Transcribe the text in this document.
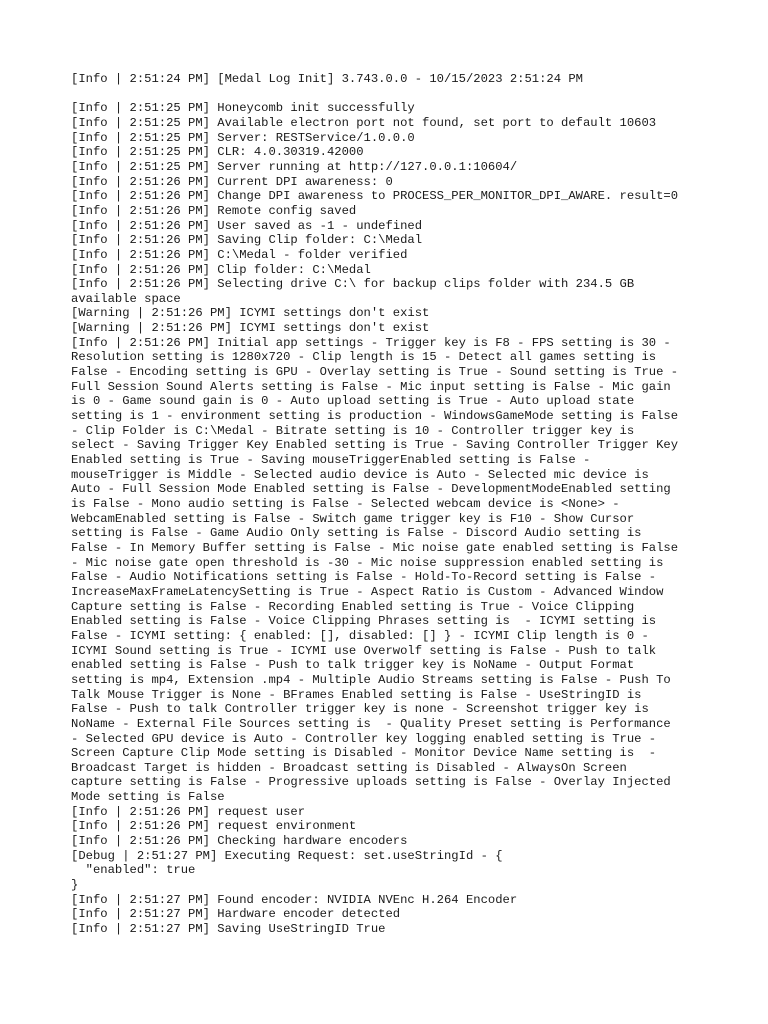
[Info | 2:51:24 PM] [Medal Log Init] 3.743.0.0 - 10/15/2023 2:51:24 PM
[Info | 2:51:25 PM] Honeycomb init successfully
[Info | 2:51:25 PM] Available electron port not found, set port to default 10603
[Info | 2:51:25 PM] Server: RESTService/1.0.0.0
[Info | 2:51:25 PM] CLR: 4.0.30319.42000
[Info | 2:51:25 PM] Server running at http://127.0.0.1:10604/
[Info | 2:51:26 PM] Current DPI awareness: 0
[Info | 2:51:26 PM] Change DPI awareness to PROCESS_PER_MONITOR_DPI_AWARE. result=0
[Info | 2:51:26 PM] Remote config saved
[Info | 2:51:26 PM] User saved as -1 - undefined
[Info | 2:51:26 PM] Saving Clip folder: C:\Medal
[Info | 2:51:26 PM] C:\Medal - folder verified
[Info | 2:51:26 PM] Clip folder: C:\Medal
[Info | 2:51:26 PM] Selecting drive C:\ for backup clips folder with 234.5 GB
available space
[Warning | 2:51:26 PM] ICYMI settings don't exist
[Warning | 2:51:26 PM] ICYMI settings don't exist
[Info | 2:51:26 PM] Initial app settings - Trigger key is F8 - FPS setting is 30 -
Resolution setting is 1280x720 - Clip length is 15 - Detect all games setting is
False - Encoding setting is GPU - Overlay setting is True - Sound setting is True -
Full Session Sound Alerts setting is False - Mic input setting is False - Mic gain
is 0 - Game sound gain is 0 - Auto upload setting is True - Auto upload state
setting is 1 - environment setting is production - WindowsGameMode setting is False
- Clip Folder is C:\Medal - Bitrate setting is 10 - Controller trigger key is
select - Saving Trigger Key Enabled setting is True - Saving Controller Trigger Key
Enabled setting is True - Saving mouseTriggerEnabled setting is False -
mouseTrigger is Middle - Selected audio device is Auto - Selected mic device is
Auto - Full Session Mode Enabled setting is False - DevelopmentModeEnabled setting
is False - Mono audio setting is False - Selected webcam device is <None> -
WebcamEnabled setting is False - Switch game trigger key is F10 - Show Cursor
setting is False - Game Audio Only setting is False - Discord Audio setting is
False - In Memory Buffer setting is False - Mic noise gate enabled setting is False
- Mic noise gate open threshold is -30 - Mic noise suppression enabled setting is
False - Audio Notifications setting is False - Hold-To-Record setting is False -
IncreaseMaxFrameLatencySetting is True - Aspect Ratio is Custom - Advanced Window
Capture setting is False - Recording Enabled setting is True - Voice Clipping
Enabled setting is False - Voice Clipping Phrases setting is  - ICYMI setting is
False - ICYMI setting: { enabled: [], disabled: [] } - ICYMI Clip length is 0 -
ICYMI Sound setting is True - ICYMI use Overwolf setting is False - Push to talk
enabled setting is False - Push to talk trigger key is NoName - Output Format
setting is mp4, Extension .mp4 - Multiple Audio Streams setting is False - Push To
Talk Mouse Trigger is None - BFrames Enabled setting is False - UseStringID is
False - Push to talk Controller trigger key is none - Screenshot trigger key is
NoName - External File Sources setting is  - Quality Preset setting is Performance
- Selected GPU device is Auto - Controller key logging enabled setting is True -
Screen Capture Clip Mode setting is Disabled - Monitor Device Name setting is  -
Broadcast Target is hidden - Broadcast setting is Disabled - AlwaysOn Screen
capture setting is False - Progressive uploads setting is False - Overlay Injected
Mode setting is False
[Info | 2:51:26 PM] request user
[Info | 2:51:26 PM] request environment
[Info | 2:51:26 PM] Checking hardware encoders
[Debug | 2:51:27 PM] Executing Request: set.useStringId - {
"enabled": true
}
[Info | 2:51:27 PM] Found encoder: NVIDIA NVEnc H.264 Encoder
[Info | 2:51:27 PM] Hardware encoder detected
[Info | 2:51:27 PM] Saving UseStringID True
